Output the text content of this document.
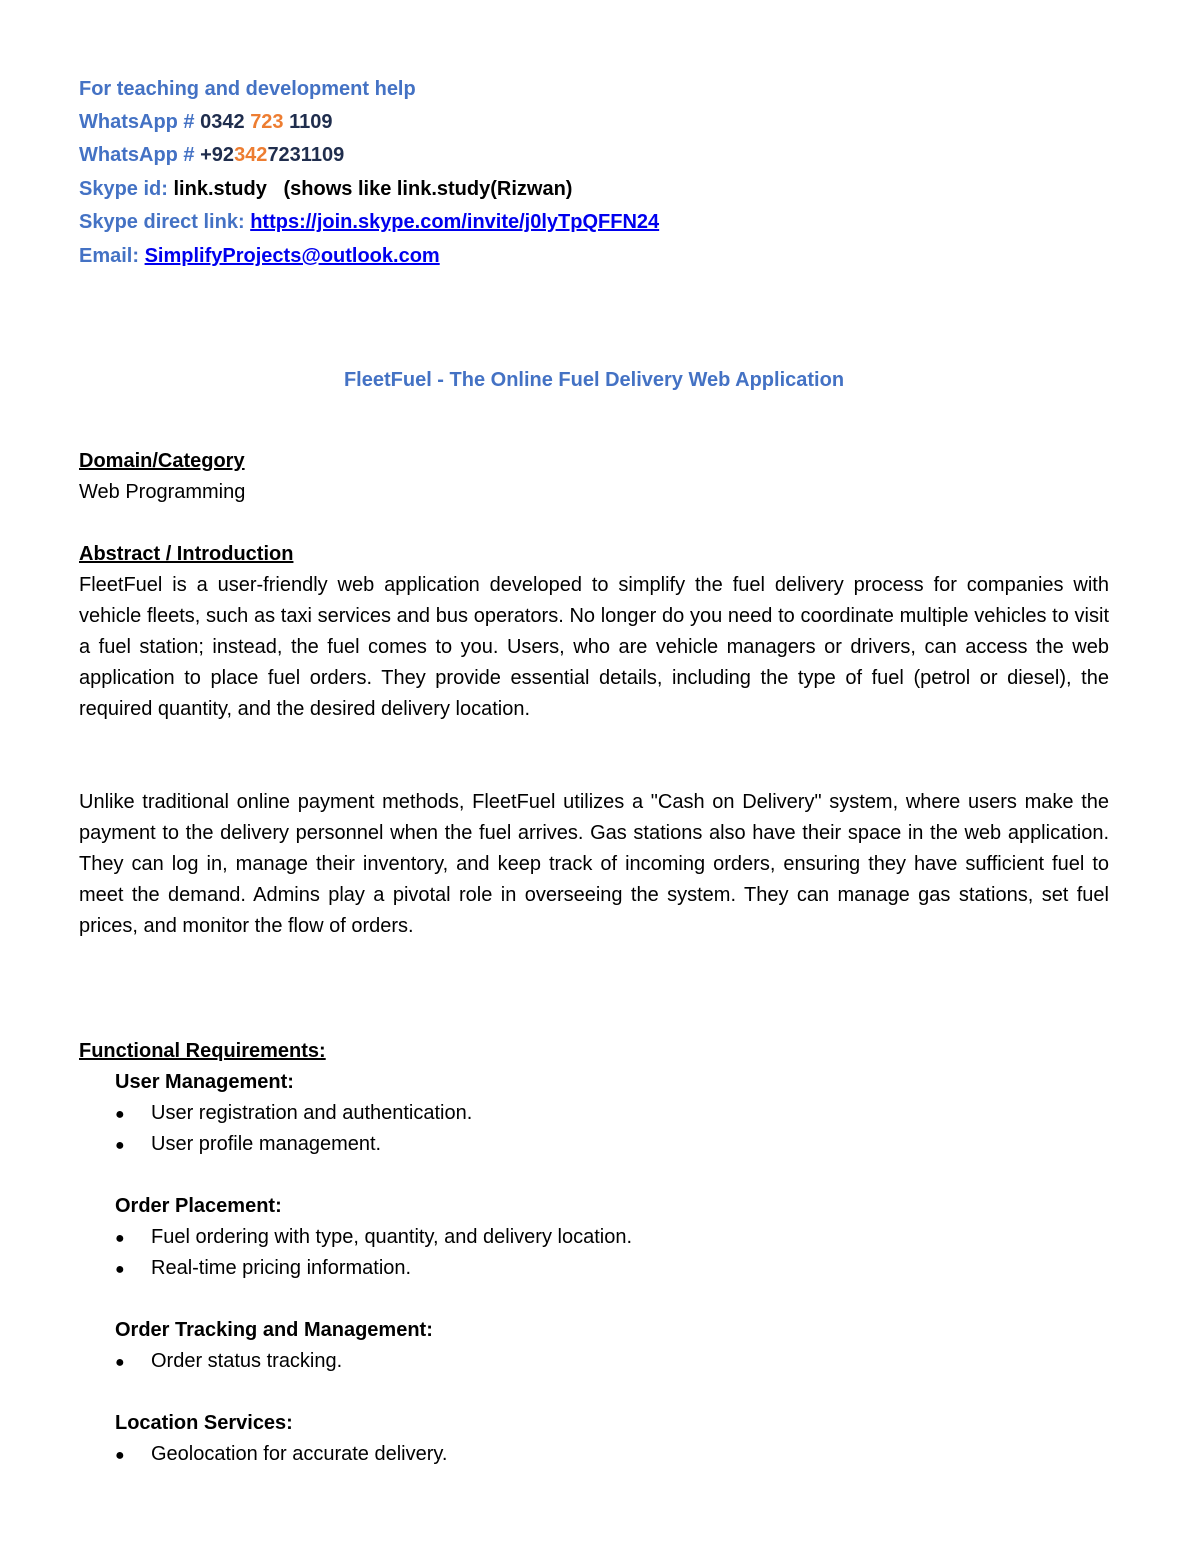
For teaching and development help
WhatsApp # 0342 723 1109
WhatsApp # +923427231109
Skype id: link.study   (shows like link.study(Rizwan)
Skype direct link: https://join.skype.com/invite/j0lyTpQFFN24
Email: SimplifyProjects@outlook.com
FleetFuel - The Online Fuel Delivery Web Application
Domain/Category
Web Programming
Abstract / Introduction
FleetFuel is a user-friendly web application developed to simplify the fuel delivery process for companies with vehicle fleets, such as taxi services and bus operators. No longer do you need to coordinate multiple vehicles to visit a fuel station; instead, the fuel comes to you. Users, who are vehicle managers or drivers, can access the web application to place fuel orders. They provide essential details, including the type of fuel (petrol or diesel), the required quantity, and the desired delivery location.
Unlike traditional online payment methods, FleetFuel utilizes a "Cash on Delivery" system, where users make the payment to the delivery personnel when the fuel arrives. Gas stations also have their space in the web application. They can log in, manage their inventory, and keep track of incoming orders, ensuring they have sufficient fuel to meet the demand. Admins play a pivotal role in overseeing the system. They can manage gas stations, set fuel prices, and monitor the flow of orders.
Functional Requirements:
User Management:
● User registration and authentication.
● User profile management.
Order Placement:
● Fuel ordering with type, quantity, and delivery location.
● Real-time pricing information.
Order Tracking and Management:
● Order status tracking.
Location Services:
● Geolocation for accurate delivery.
